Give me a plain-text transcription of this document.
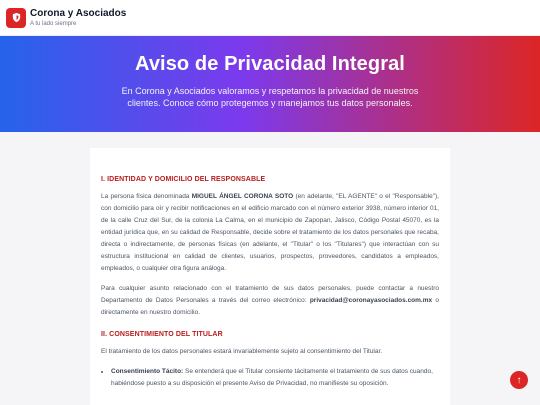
Corona y Asociados
A tu lado siempre
Aviso de Privacidad Integral
En Corona y Asociados valoramos y respetamos la privacidad de nuestros clientes. Conoce cómo protegemos y manejamos tus datos personales.
I. IDENTIDAD Y DOMICILIO DEL RESPONSABLE

La persona física denominada MIGUEL ÁNGEL CORONA SOTO (en adelante, "EL AGENTE" o el "Responsable"), con domicilio para oír y recibir notificaciones en el edificio marcado con el número exterior 3938, número interior 01, de la calle Cruz del Sur, de la colonia La Calma, en el municipio de Zapopan, Jalisco, Código Postal 45070, es la entidad jurídica que, en su calidad de Responsable, decide sobre el tratamiento de los datos personales que recaba, directa o indirectamente, de personas físicas (en adelante, el "Titular" o los "Titulares") que interactúan con su estructura institucional en calidad de clientes, usuarios, prospectos, proveedores, candidatos a empleados, empleados, o cualquier otra figura análoga.

Para cualquier asunto relacionado con el tratamiento de sus datos personales, puede contactar a nuestro Departamento de Datos Personales a través del correo electrónico: privacidad@coronayasociados.com.mx o directamente en nuestro domicilio.

II. CONSENTIMIENTO DEL TITULAR

El tratamiento de los datos personales estará invariablemente sujeto al consentimiento del Titular.

• Consentimiento Tácito: Se entenderá que el Titular consiente tácitamente el tratamiento de sus datos cuando, habiéndose puesto a su disposición el presente Aviso de Privacidad, no manifieste su oposición.	↑
